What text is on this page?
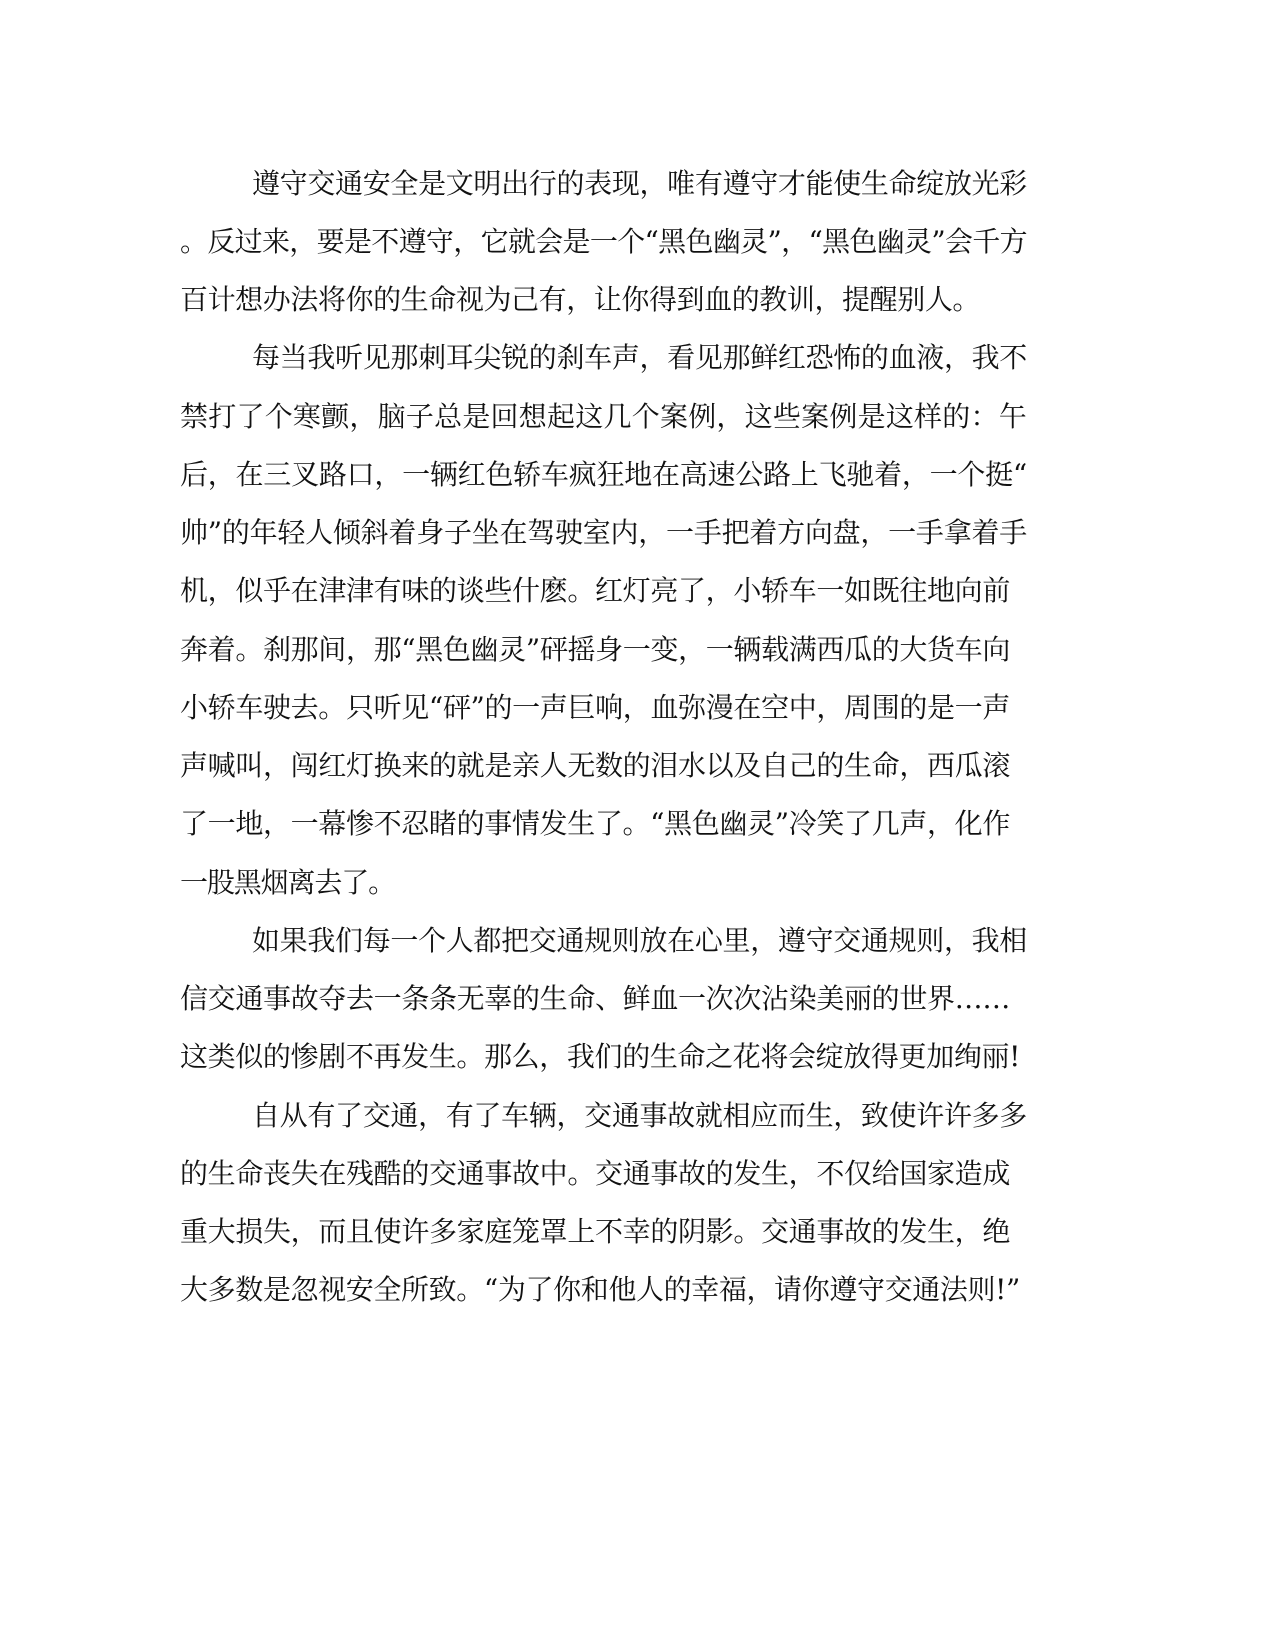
遵守交通安全是文明出行的表现，唯有遵守才能使生命绽放光彩
。反过来，要是不遵守，它就会是一个“黑色幽灵”，“黑色幽灵”会千方
百计想办法将你的生命视为己有，让你得到血的教训，提醒别人。
每当我听见那刺耳尖锐的刹车声，看见那鲜红恐怖的血液，我不
禁打了个寒颤，脑子总是回想起这几个案例，这些案例是这样的：午
后，在三叉路口，一辆红色轿车疯狂地在高速公路上飞驰着，一个挺“
帅”的年轻人倾斜着身子坐在驾驶室内，一手把着方向盘，一手拿着手
机，似乎在津津有味的谈些什麽。红灯亮了，小轿车一如既往地向前
奔着。刹那间，那“黑色幽灵”砰摇身一变，一辆载满西瓜的大货车向
小轿车驶去。只听见“砰”的一声巨响，血弥漫在空中，周围的是一声
声喊叫，闯红灯换来的就是亲人无数的泪水以及自己的生命，西瓜滚
了一地，一幕惨不忍睹的事情发生了。“黑色幽灵”冷笑了几声，化作
一股黑烟离去了。
如果我们每一个人都把交通规则放在心里，遵守交通规则，我相
信交通事故夺去一条条无辜的生命、鲜血一次次沾染美丽的世界……
这类似的惨剧不再发生。那么，我们的生命之花将会绽放得更加绚丽!
自从有了交通，有了车辆，交通事故就相应而生，致使许许多多
的生命丧失在残酷的交通事故中。交通事故的发生，不仅给国家造成
重大损失，而且使许多家庭笼罩上不幸的阴影。交通事故的发生，绝
大多数是忽视安全所致。“为了你和他人的幸福，请你遵守交通法则!”
